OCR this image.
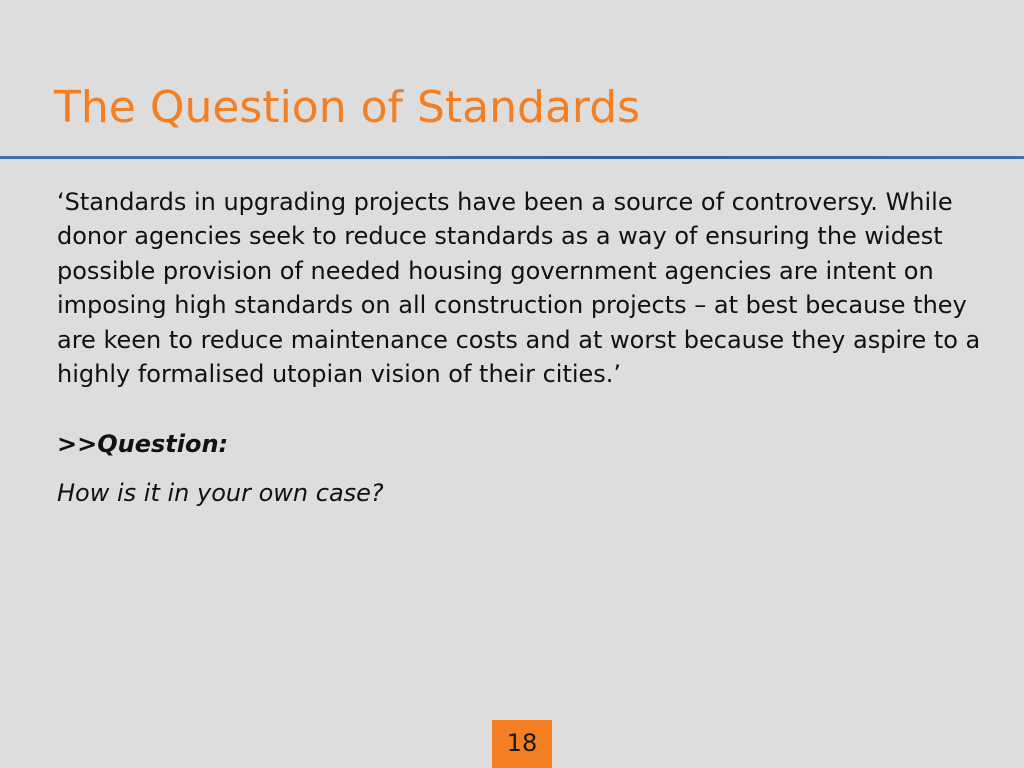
The Question of Standards

‘Standards in upgrading projects have been a source of controversy. While donor agencies seek to reduce standards as a way of ensuring the widest possible provision of needed housing government agencies are intent on imposing high standards on all construction projects – at best because they are keen to reduce maintenance costs and at worst because they aspire to a highly formalised utopian vision of their cities.’

>>Question:

How is it in your own case?

18
